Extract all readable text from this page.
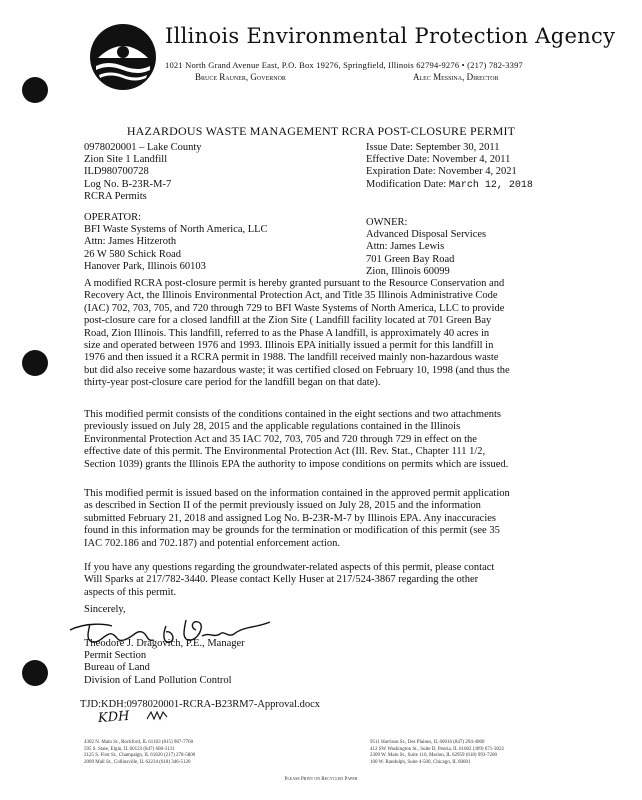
Illinois Environmental Protection Agency
1021 North Grand Avenue East, P.O. Box 19276, Springfield, Illinois 62794-9276 • (217) 782-3397
Bruce Rauner, Governor	Alec Messina, Director
HAZARDOUS WASTE MANAGEMENT RCRA POST-CLOSURE PERMIT
0978020001 – Lake County
Zion Site 1 Landfill
ILD980700728
Log No. B-23R-M-7
RCRA Permits
Issue Date: September 30, 2011
Effective Date: November 4, 2011
Expiration Date: November 4, 2021
Modification Date: March 12, 2018
OPERATOR:
BFI Waste Systems of North America, LLC
Attn: James Hitzeroth
26 W 580 Schick Road
Hanover Park, Illinois 60103
OWNER:
Advanced Disposal Services
Attn: James Lewis
701 Green Bay Road
Zion, Illinois 60099
A modified RCRA post-closure permit is hereby granted pursuant to the Resource Conservation and
Recovery Act, the Illinois Environmental Protection Act, and Title 35 Illinois Administrative Code
(IAC) 702, 703, 705, and 720 through 729 to BFI Waste Systems of North America, LLC to provide
post-closure care for a closed landfill at the Zion Site ( Landfill facility located at 701 Green Bay
Road, Zion Illinois. This landfill, referred to as the Phase A landfill, is approximately 40 acres in
size and operated between 1976 and 1993. Illinois EPA initially issued a permit for this landfill in
1976 and then issued it a RCRA permit in 1988. The landfill received mainly non-hazardous waste
but did also receive some hazardous waste; it was certified closed on February 10, 1998 (and thus the
thirty-year post-closure care period for the landfill began on that date).
This modified permit consists of the conditions contained in the eight sections and two attachments
previously issued on July 28, 2015 and the applicable regulations contained in the Illinois
Environmental Protection Act and 35 IAC 702, 703, 705 and 720 through 729 in effect on the
effective date of this permit. The Environmental Protection Act (Ill. Rev. Stat., Chapter 111 1/2,
Section 1039) grants the Illinois EPA the authority to impose conditions on permits which are issued.
This modified permit is issued based on the information contained in the approved permit application
as described in Section II of the permit previously issued on July 28, 2015 and the information
submitted February 21, 2018 and assigned Log No. B-23R-M-7 by Illinois EPA. Any inaccuracies
found in this information may be grounds for the termination or modification of this permit (see 35
IAC 702.186 and 702.187) and potential enforcement action.
If you have any questions regarding the groundwater-related aspects of this permit, please contact
Will Sparks at 217/782-3440. Please contact Kelly Huser at 217/524-3867 regarding the other
aspects of this permit.
Sincerely,
Theodore J. Dragovich, P.E., Manager
Permit Section
Bureau of Land
Division of Land Pollution Control
TJD:KDH:0978020001-RCRA-B23RM7-Approval.docx
KDH
4302 N. Main St., Rockford, IL 61103 (815) 987-7760
595 S. State, Elgin, IL 60123 (847) 608-3131
2125 S. First St., Champaign, IL 61820 (217) 278-5800
2009 Mall St., Collinsville, IL 62234 (618) 346-5120
9511 Harrison St., Des Plaines, IL 60016 (847) 294-4000
412 SW Washington St., Suite D, Peoria, IL 61602 (309) 671-3022
2309 W. Main St., Suite 116, Marion, IL 62959 (618) 993-7200
100 W. Randolph, Suite 4-500, Chicago, IL 60601
Please Print on Recycled Paper
